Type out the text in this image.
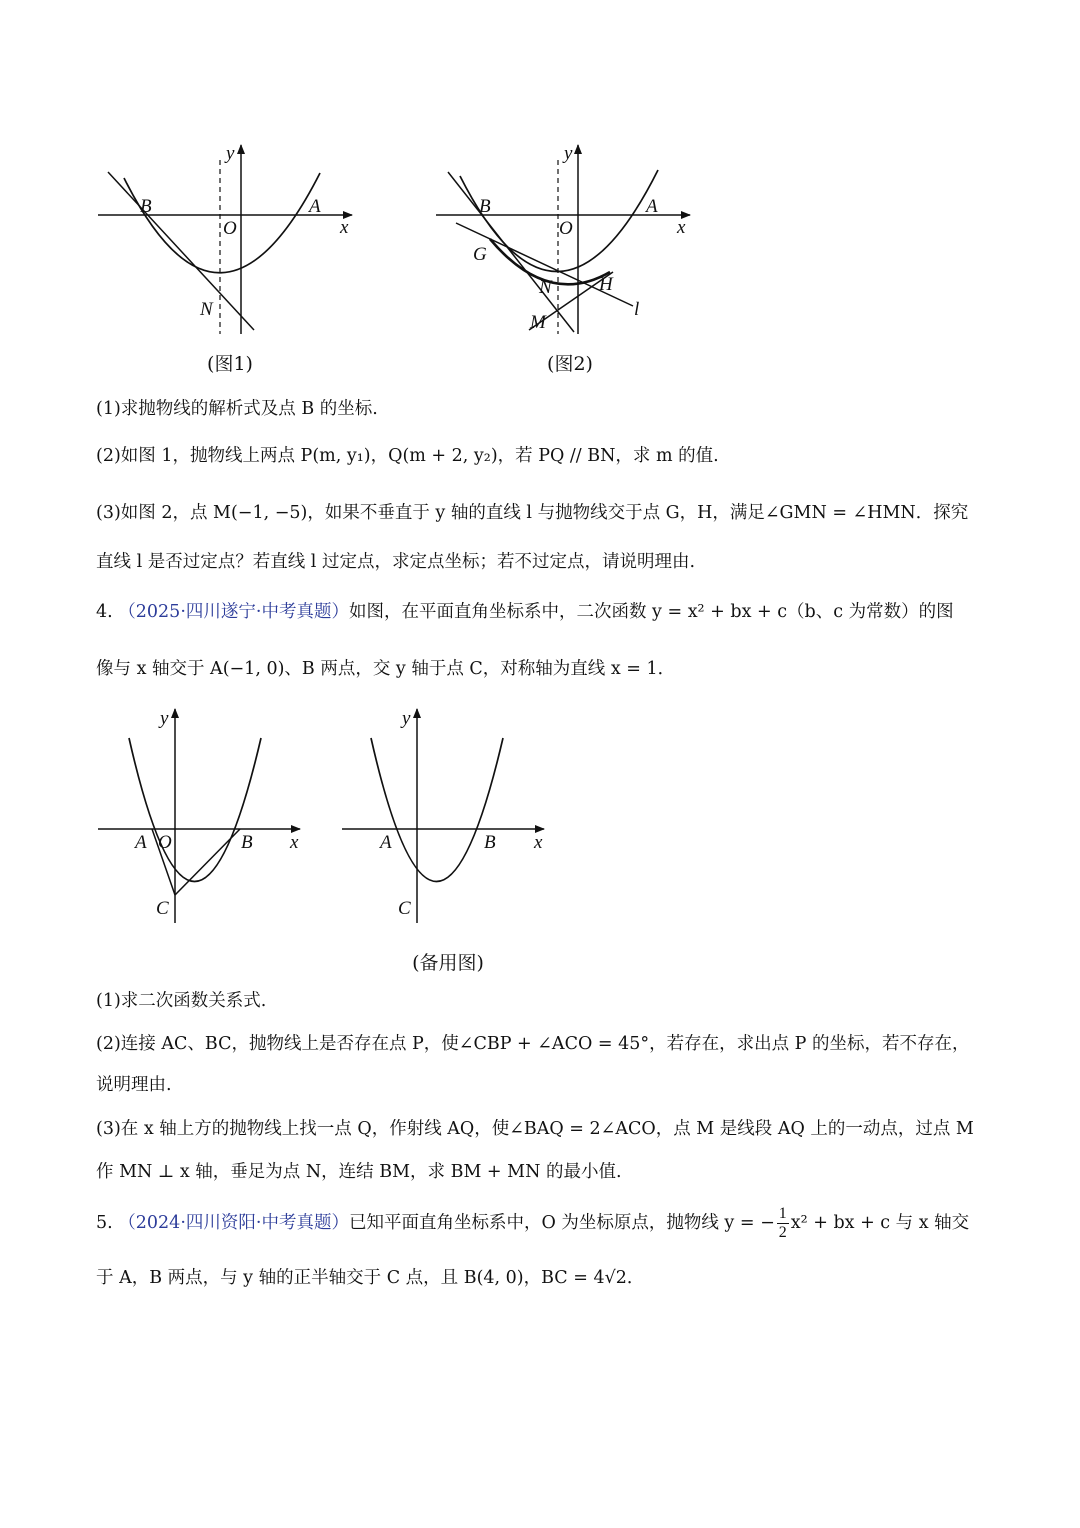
y
x
B	A
O
N
(图1)
y
x
B	A
O
G
N H
M
l
(图2)
(1)求抛物线的解析式及点 B 的坐标.
(2)如图 1，抛物线上两点 P(m, y₁)，Q(m + 2, y₂)，若 PQ // BN，求 m 的值.
(3)如图 2，点 M(−1, −5)，如果不垂直于 y 轴的直线 l 与抛物线交于点 G，H，满足∠GMN = ∠HMN．探究
直线 l 是否过定点？若直线 l 过定点，求定点坐标；若不过定点，请说明理由.
4. （2025·四川遂宁·中考真题）如图，在平面直角坐标系中，二次函数 y = x² + bx + c（b、c 为常数）的图
像与 x 轴交于 A(−1, 0)、B 两点，交 y 轴于点 C，对称轴为直线 x = 1．
y
x
A O	B
C
y
x
A	B
C
(备用图)
(1)求二次函数关系式.
(2)连接 AC、BC，抛物线上是否存在点 P，使∠CBP + ∠ACO = 45°，若存在，求出点 P 的坐标，若不存在，
说明理由.
(3)在 x 轴上方的抛物线上找一点 Q，作射线 AQ，使∠BAQ = 2∠ACO，点 M 是线段 AQ 上的一动点，过点 M
作 MN ⊥ x 轴，垂足为点 N，连结 BM，求 BM + MN 的最小值.
5. （2024·四川资阳·中考真题）已知平面直角坐标系中，O 为坐标原点，抛物线 y = − $\frac{1}{2} x^2$ + bx + c 与 x 轴交
于 A，B 两点，与 y 轴的正半轴交于 C 点，且 B(4, 0)，BC = 4√2．
